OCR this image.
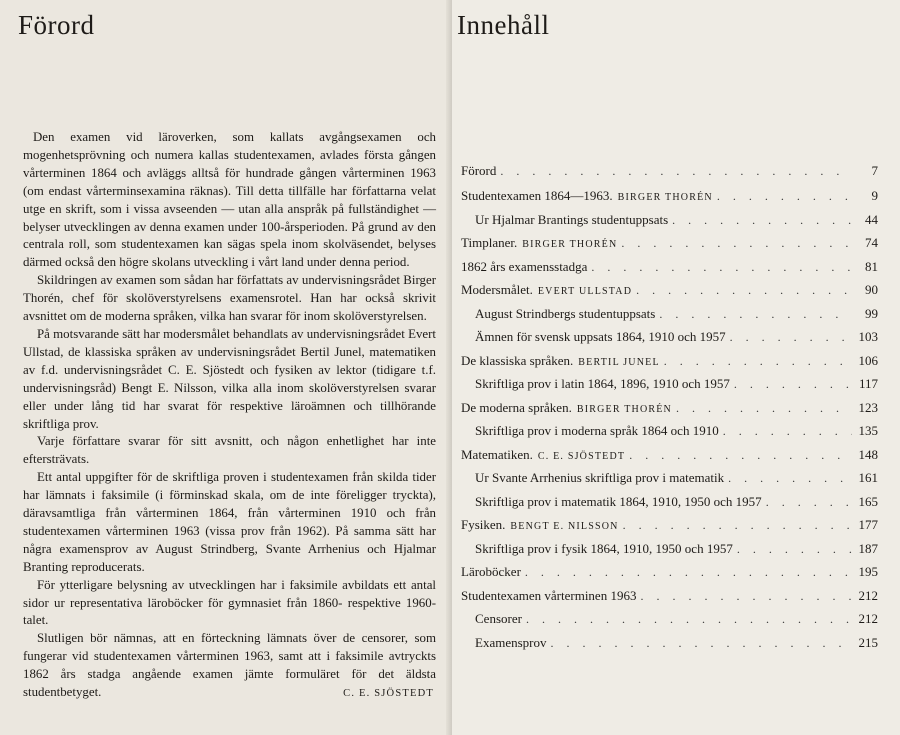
Förord

Den examen vid läroverken, som kallats avgångsexamen och mogenhetsprövning och numera kallas studentexamen, avlades första gången vårterminen 1864 och avläggs alltså för hundrade gången vårterminen 1963 (om endast vårterminsexamina räknas). Till detta tillfälle har författarna velat utge en skrift, som i vissa avseenden — utan alla anspråk på fullständighet — belyser utvecklingen av denna examen under 100-årsperioden. På grund av den centrala roll, som studentexamen kan sägas spela inom skolväsendet, belyses därmed också den högre skolans utveckling i vårt land under denna period.

Skildringen av examen som sådan har författats av undervisningsrådet Birger Thorén, chef för skolöverstyrelsens examensrotel. Han har också skrivit avsnittet om de moderna språken, vilka han svarar för inom skolöverstyrelsen.

På motsvarande sätt har modersmålet behandlats av undervisningsrådet Evert Ullstad, de klassiska språken av undervisningsrådet Bertil Junel, matematiken av f.d. undervisningsrådet C. E. Sjöstedt och fysiken av lektor (tidigare t.f. undervisningsråd) Bengt E. Nilsson, vilka alla inom skolöverstyrelsen svarar eller under lång tid har svarat för respektive läroämnen och tillhörande skriftliga prov.

Varje författare svarar för sitt avsnitt, och någon enhetlighet har inte eftersträvats.

Ett antal uppgifter för de skriftliga proven i studentexamen från skilda tider har lämnats i faksimile (i förminskad skala, om de inte föreligger tryckta), däravsamtliga från vårterminen 1864, från vårterminen 1910 och från studentexamen vårterminen 1963 (vissa prov från 1962). På samma sätt har några examensprov av August Strindberg, Svante Arrhenius och Hjalmar Branting reproducerats.

För ytterligare belysning av utvecklingen har i faksimile avbildats ett antal sidor ur representativa läroböcker för gymnasiet från 1860- respektive 1960-talet.

Slutligen bör nämnas, att en förteckning lämnats över de censorer, som fungerar vid studentexamen vårterminen 1963, samt att i faksimile avtryckts 1862 års stadga angående examen jämte formuläret för det äldsta studentbetyget.	C. E. SJÖSTEDT
Innehåll
Förord . . .	7
Studentexamen 1864—1963. BIRGER THORÉN . . .	9
Ur Hjalmar Brantings studentuppsats . . .	44
Timplaner. BIRGER THORÉN . . .	74
1862 års examensstadga . . .	81
Modersmålet. EVERT ULLSTAD . . .	90
August Strindbergs studentuppsats . . .	99
Ämnen för svensk uppsats 1864, 1910 och 1957 . . .	103
De klassiska språken. BERTIL JUNEL . . .	106
Skriftliga prov i latin 1864, 1896, 1910 och 1957 . . .	117
De moderna språken. BIRGER THORÉN . . .	123
Skriftliga prov i moderna språk 1864 och 1910 . . .	135
Matematiken. C. E. SJÖSTEDT . . .	148
Ur Svante Arrhenius skriftliga prov i matematik . . .	161
Skriftliga prov i matematik 1864, 1910, 1950 och 1957 . . .	165
Fysiken. BENGT E. NILSSON . . .	177
Skriftliga prov i fysik 1864, 1910, 1950 och 1957 . . .	187
Läroböcker . . .	195
Studentexamen vårterminen 1963 . . .	212
Censorer . . .	212
Examensprov . . .	215
